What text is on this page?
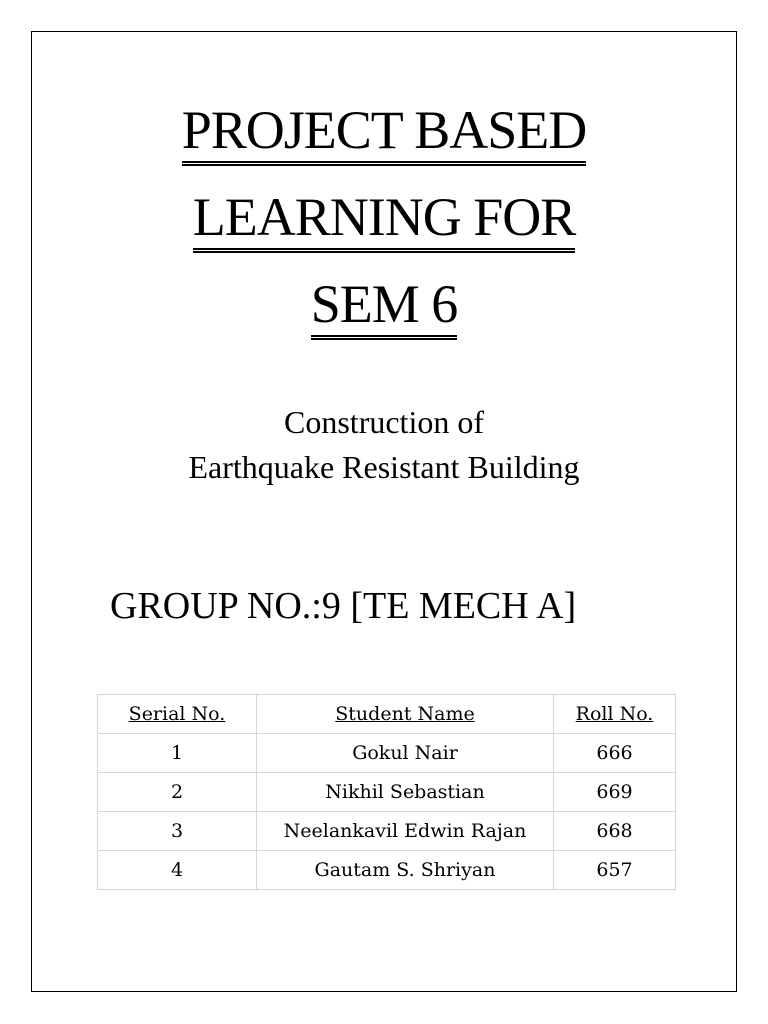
PROJECT BASED
LEARNING FOR
SEM 6
Construction of
Earthquake Resistant Building
GROUP NO.:9 [TE MECH A]
Serial No.	Student Name	Roll No.
1	Gokul Nair	666
2	Nikhil Sebastian	669
3	Neelankavil Edwin Rajan	668
4	Gautam S. Shriyan	657
